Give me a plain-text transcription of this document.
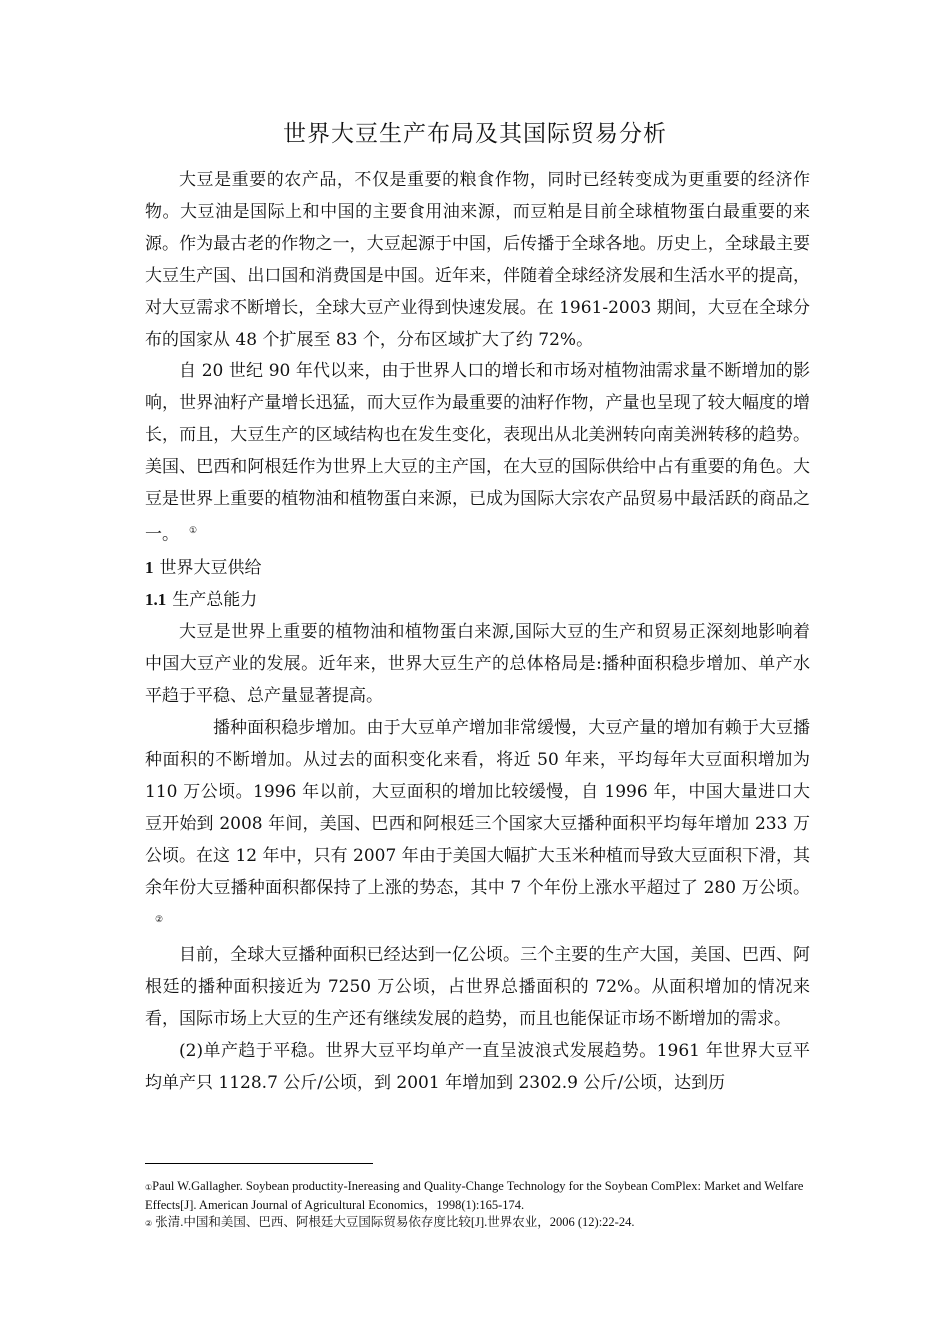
世界大豆生产布局及其国际贸易分析

大豆是重要的农产品，不仅是重要的粮食作物，同时已经转变成为更重要的经济作物。大豆油是国际上和中国的主要食用油来源，而豆粕是目前全球植物蛋白最重要的来源。作为最古老的作物之一，大豆起源于中国，后传播于全球各地。历史上，全球最主要大豆生产国、出口国和消费国是中国。近年来，伴随着全球经济发展和生活水平的提高，对大豆需求不断增长，全球大豆产业得到快速发展。在 1961-2003 期间，大豆在全球分布的国家从 48 个扩展至 83 个，分布区域扩大了约 72%。

自 20 世纪 90 年代以来，由于世界人口的增长和市场对植物油需求量不断增加的影响，世界油籽产量增长迅猛，而大豆作为最重要的油籽作物，产量也呈现了较大幅度的增长，而且，大豆生产的区域结构也在发生变化，表现出从北美洲转向南美洲转移的趋势。美国、巴西和阿根廷作为世界上大豆的主产国，在大豆的国际供给中占有重要的角色。大豆是世界上重要的植物油和植物蛋白来源，已成为国际大宗农产品贸易中最活跃的商品之一。 ①

1 世界大豆供给

1.1 生产总能力

大豆是世界上重要的植物油和植物蛋白来源,国际大豆的生产和贸易正深刻地影响着中国大豆产业的发展。近年来，世界大豆生产的总体格局是:播种面积稳步增加、单产水平趋于平稳、总产量显著提高。

播种面积稳步增加。由于大豆单产增加非常缓慢，大豆产量的增加有赖于大豆播种面积的不断增加。从过去的面积变化来看，将近 50 年来，平均每年大豆面积增加为 110 万公顷。1996 年以前，大豆面积的增加比较缓慢，自 1996 年，中国大量进口大豆开始到 2008 年间，美国、巴西和阿根廷三个国家大豆播种面积平均每年增加 233 万公顷。在这 12 年中，只有 2007 年由于美国大幅扩大玉米种植而导致大豆面积下滑，其余年份大豆播种面积都保持了上涨的势态，其中 7 个年份上涨水平超过了 280 万公顷。②

目前，全球大豆播种面积已经达到一亿公顷。三个主要的生产大国，美国、巴西、阿根廷的播种面积接近为 7250 万公顷，占世界总播面积的 72%。从面积增加的情况来看，国际市场上大豆的生产还有继续发展的趋势，而且也能保证市场不断增加的需求。

(2)单产趋于平稳。世界大豆平均单产一直呈波浪式发展趋势。1961 年世界大豆平均单产只 1128.7 公斤/公顷，到 2001 年增加到 2302.9 公斤/公顷，达到历

①Paul W.Gallagher. Soybean productity-Inereasing and Quality-Change Technology for the Soybean ComPlex: Market and Welfare Effects[J]. American Journal of Agricultural Economics，1998(1):165-174.

② 张清.中国和美国、巴西、阿根廷大豆国际贸易依存度比较[J].世界农业，2006 (12):22-24.
